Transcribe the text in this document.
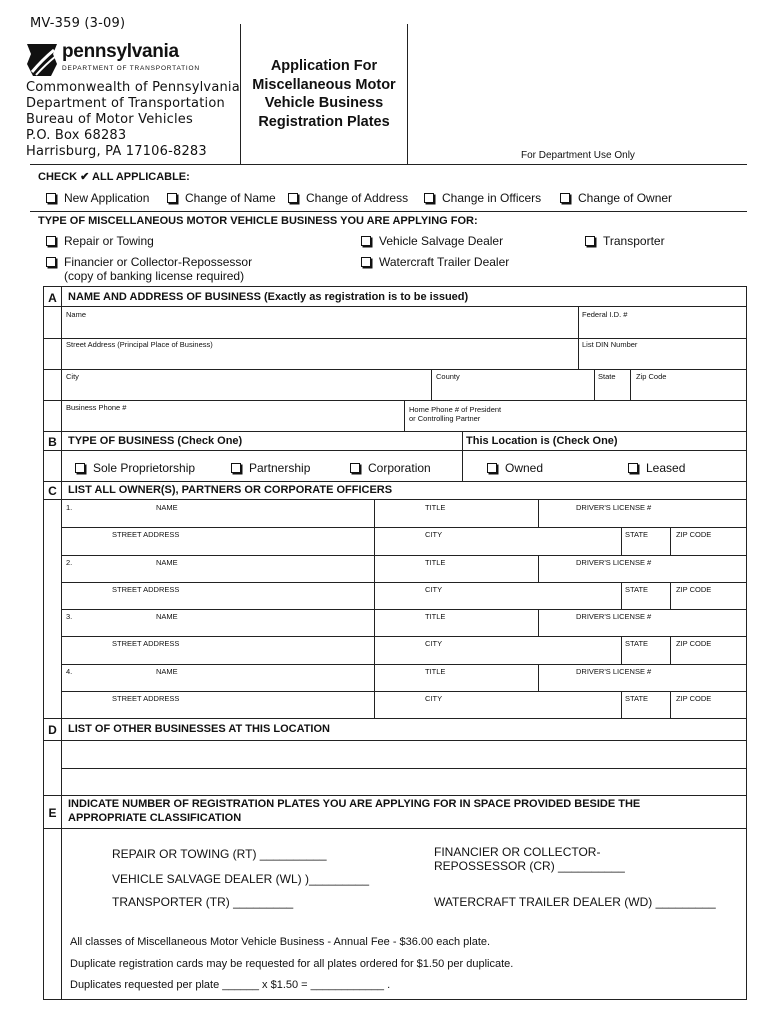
MV-359 (3-09)
pennsylvania
DEPARTMENT OF TRANSPORTATION
Commonwealth of Pennsylvania
Department of Transportation
Bureau of Motor Vehicles
P.O. Box 68283
Harrisburg, PA 17106-8283
Application For
Miscellaneous Motor
Vehicle Business
Registration Plates
For Department Use Only
CHECK ✔ ALL APPLICABLE:
New Application	Change of Name	Change of Address	Change in Officers	Change of Owner
TYPE OF MISCELLANEOUS MOTOR VEHICLE BUSINESS YOU ARE APPLYING FOR:
Repair or Towing	Vehicle Salvage Dealer	Transporter
Financier or Collector-Repossessor
(copy of banking license required)
Watercraft Trailer Dealer
A	NAME AND ADDRESS OF BUSINESS (Exactly as registration is to be issued)
Name	Federal I.D. #
Street Address (Principal Place of Business)	List DIN Number
City	County	State	Zip Code
Business Phone #	Home Phone # of President
or Controlling Partner
B	TYPE OF BUSINESS (Check One)	This Location is (Check One)
Sole Proprietorship	Partnership	Corporation	Owned	Leased
C	LIST ALL OWNER(S), PARTNERS OR CORPORATE OFFICERS
1.	NAME	TITLE	DRIVER'S LICENSE #
STREET ADDRESS	CITY	STATE	ZIP CODE
2.	NAME	TITLE	DRIVER'S LICENSE #
STREET ADDRESS	CITY	STATE	ZIP CODE
3.	NAME	TITLE	DRIVER'S LICENSE #
STREET ADDRESS	CITY	STATE	ZIP CODE
4.	NAME	TITLE	DRIVER'S LICENSE #
STREET ADDRESS	CITY	STATE	ZIP CODE
D	LIST OF OTHER BUSINESSES AT THIS LOCATION
E
INDICATE NUMBER OF REGISTRATION PLATES YOU ARE APPLYING FOR IN SPACE PROVIDED BESIDE THE
APPROPRIATE CLASSIFICATION
REPAIR OR TOWING (RT) __________
VEHICLE SALVAGE DEALER (WL) )_________
TRANSPORTER (TR) _________
FINANCIER OR COLLECTOR-
REPOSSESSOR (CR) __________
WATERCRAFT TRAILER DEALER (WD) _________
All classes of Miscellaneous Motor Vehicle Business - Annual Fee - $36.00 each plate.
Duplicate registration cards may be requested for all plates ordered for $1.50 per duplicate.
Duplicates requested per plate ______ x $1.50 = ____________ .
